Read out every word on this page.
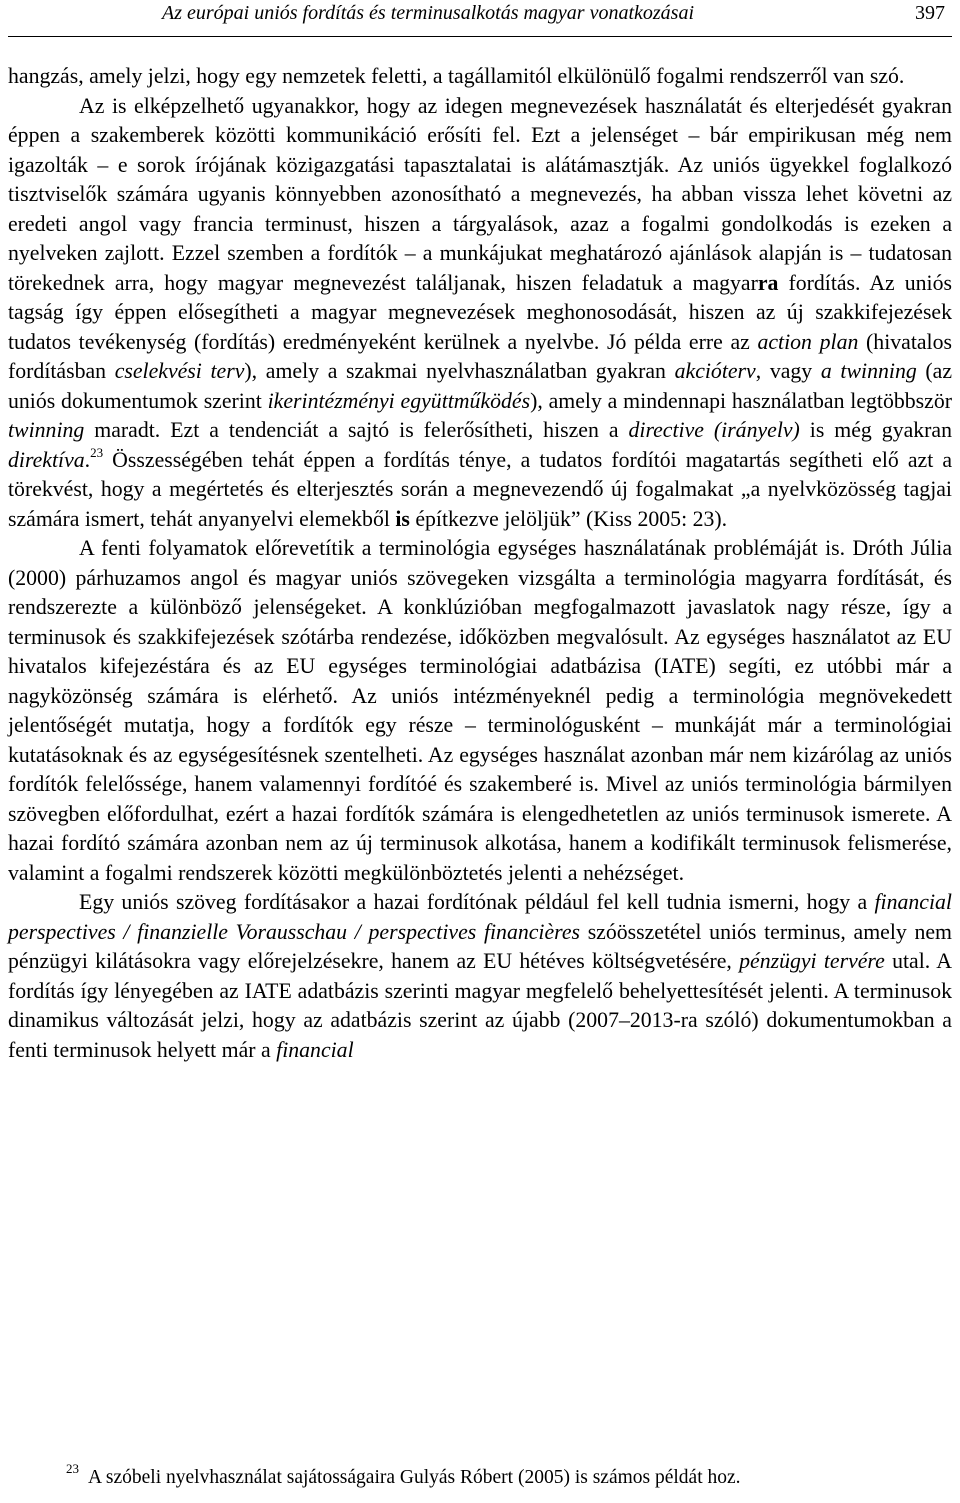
Az európai uniós fordítás és terminusalkotás magyar vonatkozásai	397

hangzás, amely jelzi, hogy egy nemzetek feletti, a tagállamitól elkülönülő fogalmi rendszerről van szó.

Az is elképzelhető ugyanakkor, hogy az idegen megnevezések használatát és elterjedését gyakran éppen a szakemberek közötti kommunikáció erősíti fel. Ezt a jelenséget – bár empirikusan még nem igazolták – e sorok írójának közigazgatási tapasztalatai is alátámasztják. Az uniós ügyekkel foglalkozó tisztviselők számára ugyanis könnyebben azonosítható a megnevezés, ha abban vissza lehet követni az eredeti angol vagy francia terminust, hiszen a tárgyalások, azaz a fogalmi gondolkodás is ezeken a nyelveken zajlott. Ezzel szemben a fordítók – a munkájukat meghatározó ajánlások alapján is – tudatosan törekednek arra, hogy magyar megnevezést találjanak, hiszen feladatuk a magyarra fordítás. Az uniós tagság így éppen elősegítheti a magyar megnevezések meghonosodását, hiszen az új szakkifejezések tudatos tevékenység (fordítás) eredményeként kerülnek a nyelvbe. Jó példa erre az action plan (hivatalos fordításban cselekvési terv), amely a szakmai nyelvhasználatban gyakran akcióterv, vagy a twinning (az uniós dokumentumok szerint ikerintézményi együttműködés), amely a mindennapi használatban legtöbbször twinning maradt. Ezt a tendenciát a sajtó is felerősítheti, hiszen a directive (irányelv) is még gyakran direktíva.$^{23}$ Összességében tehát éppen a fordítás ténye, a tudatos fordítói magatartás segítheti elő azt a törekvést, hogy a megértetés és elterjesztés során a megnevezendő új fogalmakat „a nyelvközösség tagjai számára ismert, tehát anyanyelvi elemekből is építkezve jelöljük” (Kiss 2005: 23).

A fenti folyamatok előrevetítik a terminológia egységes használatának problémáját is. Dróth Júlia (2000) párhuzamos angol és magyar uniós szövegeken vizsgálta a terminológia magyarra fordítását, és rendszerezte a különböző jelenségeket. A konklúzióban megfogalmazott javaslatok nagy része, így a terminusok és szakkifejezések szótárba rendezése, időközben megvalósult. Az egységes használatot az EU hivatalos kifejezéstára és az EU egységes terminológiai adatbázisa (IATE) segíti, ez utóbbi már a nagyközönség számára is elérhető. Az uniós intézményeknél pedig a terminológia megnövekedett jelentőségét mutatja, hogy a fordítók egy része – terminológusként – munkáját már a terminológiai kutatásoknak és az egységesítésnek szentelheti. Az egységes használat azonban már nem kizárólag az uniós fordítók felelőssége, hanem valamennyi fordítóé és szakemberé is. Mivel az uniós terminológia bármilyen szövegben előfordulhat, ezért a hazai fordítók számára is elengedhetetlen az uniós terminusok ismerete. A hazai fordító számára azonban nem az új terminusok alkotása, hanem a kodifikált terminusok felismerése, valamint a fogalmi rendszerek közötti megkülönböztetés jelenti a nehézséget.

Egy uniós szöveg fordításakor a hazai fordítónak például fel kell tudnia ismerni, hogy a financial perspectives / finanzielle Vorausschau / perspectives financières szóösszetétel uniós terminus, amely nem pénzügyi kilátásokra vagy előrejelzésekre, hanem az EU hétéves költségvetésére, pénzügyi tervére utal. A fordítás így lényegében az IATE adatbázis szerinti magyar megfelelő behelyettesítését jelenti. A terminusok dinamikus változását jelzi, hogy az adatbázis szerint az újabb (2007–2013-ra szóló) dokumentumokban a fenti terminusok helyett már a financial

23 A szóbeli nyelvhasználat sajátosságaira Gulyás Róbert (2005) is számos példát hoz.
